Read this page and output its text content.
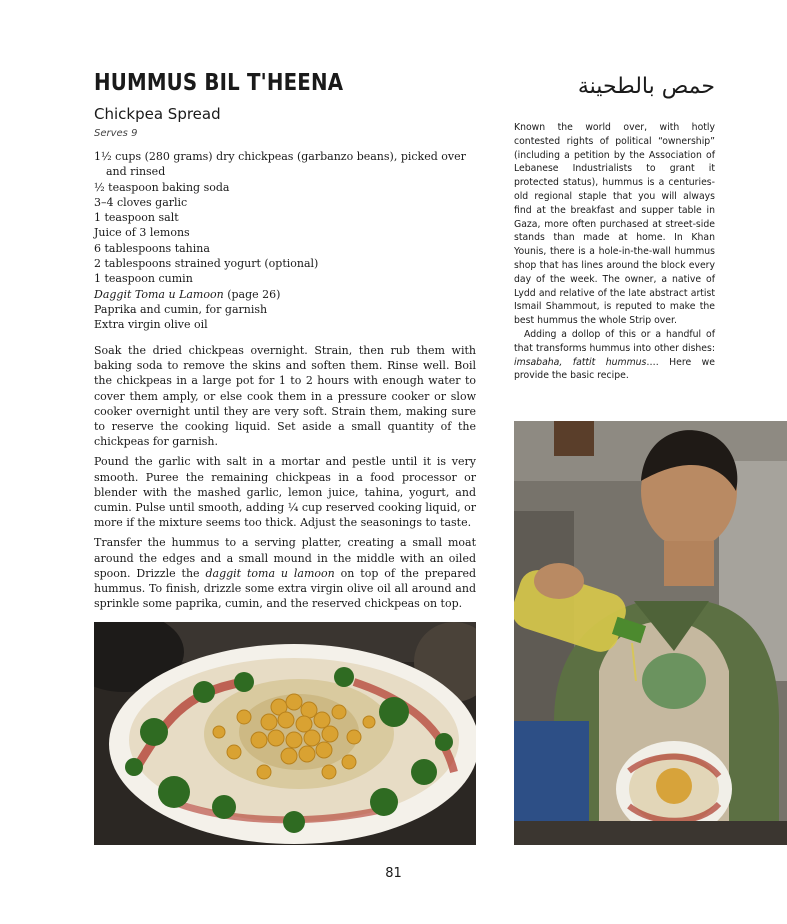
HUMMUS BIL T'HEENA
Chickpea Spread
Serves 9
حمص بالطحينة
1½ cups (280 grams) dry chickpeas (garbanzo beans), picked over and rinsed
½ teaspoon baking soda
3–4 cloves garlic
1 teaspoon salt
Juice of 3 lemons
6 tablespoons tahina
2 tablespoons strained yogurt (optional)
1 teaspoon cumin
Daggit Toma u Lamoon (page 26)
Paprika and cumin, for garnish
Extra virgin olive oil

Soak the dried chickpeas overnight. Strain, then rub them with baking soda to remove the skins and soften them. Rinse well. Boil the chickpeas in a large pot for 1 to 2 hours with enough water to cover them amply, or else cook them in a pressure cooker or slow cooker overnight until they are very soft. Strain them, making sure to reserve the cooking liquid. Set aside a small quantity of the chickpeas for garnish.

Pound the garlic with salt in a mortar and pestle until it is very smooth. Puree the remaining chickpeas in a food processor or blender with the mashed garlic, lemon juice, tahina, yogurt, and cumin. Pulse until smooth, adding ¼ cup reserved cooking liquid, or more if the mixture seems too thick. Adjust the seasonings to taste.

Transfer the hummus to a serving platter, creating a small moat around the edges and a small mound in the middle with an oiled spoon. Drizzle the daggit toma u lamoon on top of the prepared hummus. To finish, drizzle some extra virgin olive oil all around and sprinkle some paprika, cumin, and the reserved chickpeas on top.

Known the world over, with hotly contested rights of political “ownership” (including a petition by the Association of Lebanese Industrialists to grant it protected status), hummus is a centuries-old regional staple that you will always find at the breakfast and supper table in Gaza, more often purchased at street-side stands than made at home. In Khan Younis, there is a hole-in-the-wall hummus shop that has lines around the block every day of the week. The owner, a native of Lydd and relative of the late abstract artist Ismail Shammout, is reputed to make the best hummus the whole Strip over.

Adding a dollop of this or a handful of that transforms hummus into other dishes: imsabaha, fattit hummus…. Here we provide the basic recipe.

81
